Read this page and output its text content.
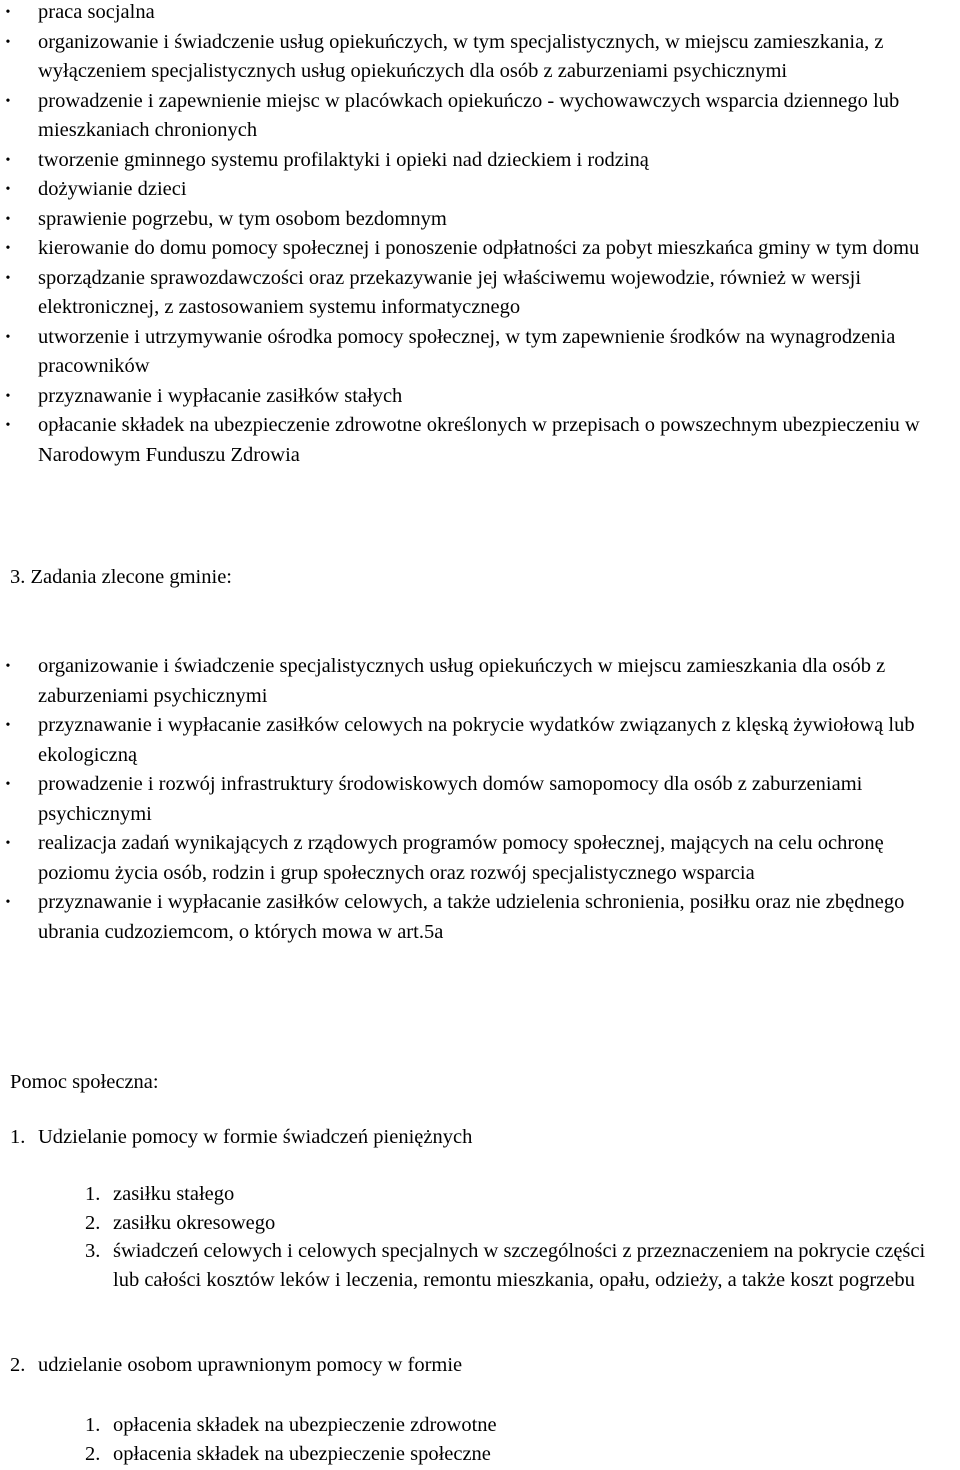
• praca socjalna
• organizowanie i świadczenie usług opiekuńczych, w tym specjalistycznych, w miejscu zamieszkania, z wyłączeniem specjalistycznych usług opiekuńczych dla osób z zaburzeniami psychicznymi
• prowadzenie i zapewnienie miejsc w placówkach opiekuńczo - wychowawczych wsparcia dziennego lub mieszkaniach chronionych
• tworzenie gminnego systemu profilaktyki i opieki nad dzieckiem i rodziną
• dożywianie dzieci
• sprawienie pogrzebu, w tym osobom bezdomnym
• kierowanie do domu pomocy społecznej i ponoszenie odpłatności za pobyt mieszkańca gminy w tym domu
• sporządzanie sprawozdawczości oraz przekazywanie jej właściwemu wojewodzie, również w wersji elektronicznej, z zastosowaniem systemu informatycznego
• utworzenie i utrzymywanie ośrodka pomocy społecznej, w tym zapewnienie środków na wynagrodzenia pracowników
• przyznawanie i wypłacanie zasiłków stałych
• opłacanie składek na ubezpieczenie zdrowotne określonych w przepisach o powszechnym ubezpieczeniu w Narodowym Funduszu Zdrowia

3. Zadania zlecone gminie:

• organizowanie i świadczenie specjalistycznych usług opiekuńczych w miejscu zamieszkania dla osób z zaburzeniami psychicznymi
• przyznawanie i wypłacanie zasiłków celowych na pokrycie wydatków związanych z klęską żywiołową lub ekologiczną
• prowadzenie i rozwój infrastruktury środowiskowych domów samopomocy dla osób z zaburzeniami psychicznymi
• realizacja zadań wynikających z rządowych programów pomocy społecznej, mających na celu ochronę poziomu życia osób, rodzin i grup społecznych oraz rozwój specjalistycznego wsparcia
• przyznawanie i wypłacanie zasiłków celowych, a także udzielenia schronienia, posiłku oraz nie zbędnego ubrania cudzoziemcom, o których mowa w art.5a

Pomoc społeczna:

1. Udzielanie pomocy w formie świadczeń pieniężnych
1. zasiłku stałego
2. zasiłku okresowego
3. świadczeń celowych i celowych specjalnych w szczególności z przeznaczeniem na pokrycie części lub całości kosztów leków i leczenia, remontu mieszkania, opału, odzieży, a także koszt pogrzebu
2. udzielanie osobom uprawnionym pomocy w formie
1. opłacenia składek na ubezpieczenie zdrowotne
2. opłacenia składek na ubezpieczenie społeczne
